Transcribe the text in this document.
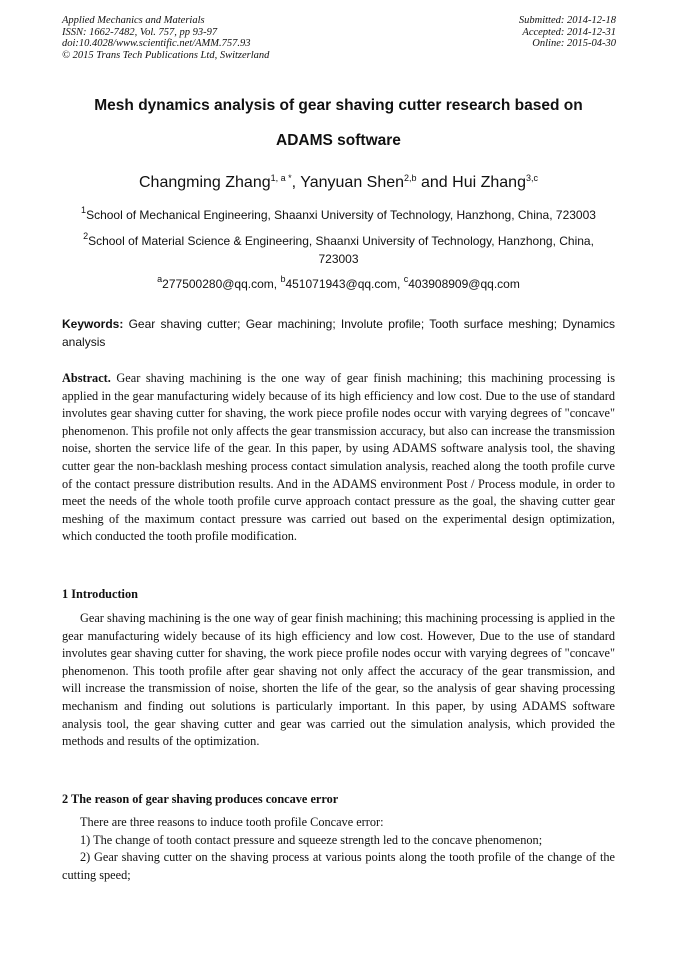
Applied Mechanics and Materials
ISSN: 1662-7482, Vol. 757, pp 93-97
doi:10.4028/www.scientific.net/AMM.757.93
© 2015 Trans Tech Publications Ltd, Switzerland
Submitted: 2014-12-18
Accepted: 2014-12-31
Online: 2015-04-30
Mesh dynamics analysis of gear shaving cutter research based on
ADAMS software
Changming Zhang$^{1, a *}$, Yanyuan Shen$^{2,b}$ and Hui Zhang$^{3,c}$
$^1$School of Mechanical Engineering, Shaanxi University of Technology, Hanzhong, China, 723003
$^2$School of Material Science & Engineering, Shaanxi University of Technology, Hanzhong, China, 723003
$^a$277500280@qq.com, $^b$451071943@qq.com, $^c$403908909@qq.com
Keywords: Gear shaving cutter; Gear machining; Involute profile; Tooth surface meshing; Dynamics analysis
Abstract. Gear shaving machining is the one way of gear finish machining; this machining processing is applied in the gear manufacturing widely because of its high efficiency and low cost. Due to the use of standard involutes gear shaving cutter for shaving, the work piece profile nodes occur with varying degrees of "concave" phenomenon. This profile not only affects the gear transmission accuracy, but also can increase the transmission noise, shorten the service life of the gear. In this paper, by using ADAMS software analysis tool, the shaving cutter gear the non-backlash meshing process contact simulation analysis, reached along the tooth profile curve of the contact pressure distribution results. And in the ADAMS environment Post / Process module, in order to meet the needs of the whole tooth profile curve approach contact pressure as the goal, the shaving cutter gear meshing of the maximum contact pressure was carried out based on the experimental design optimization, which conducted the tooth profile modification.
1 Introduction
Gear shaving machining is the one way of gear finish machining; this machining processing is applied in the gear manufacturing widely because of its high efficiency and low cost. However, Due to the use of standard involutes gear shaving cutter for shaving, the work piece profile nodes occur with varying degrees of "concave" phenomenon. This tooth profile after gear shaving not only affect the accuracy of the gear transmission, and will increase the transmission of noise, shorten the life of the gear, so the analysis of gear shaving processing mechanism and finding out solutions is particularly important. In this paper, by using ADAMS software analysis tool, the gear shaving cutter and gear was carried out the simulation analysis, which provided the methods and results of the optimization.
2 The reason of gear shaving produces concave error

There are three reasons to induce tooth profile Concave error:

1) The change of tooth contact pressure and squeeze strength led to the concave phenomenon;

2) Gear shaving cutter on the shaving process at various points along the tooth profile of the change of the cutting speed;
